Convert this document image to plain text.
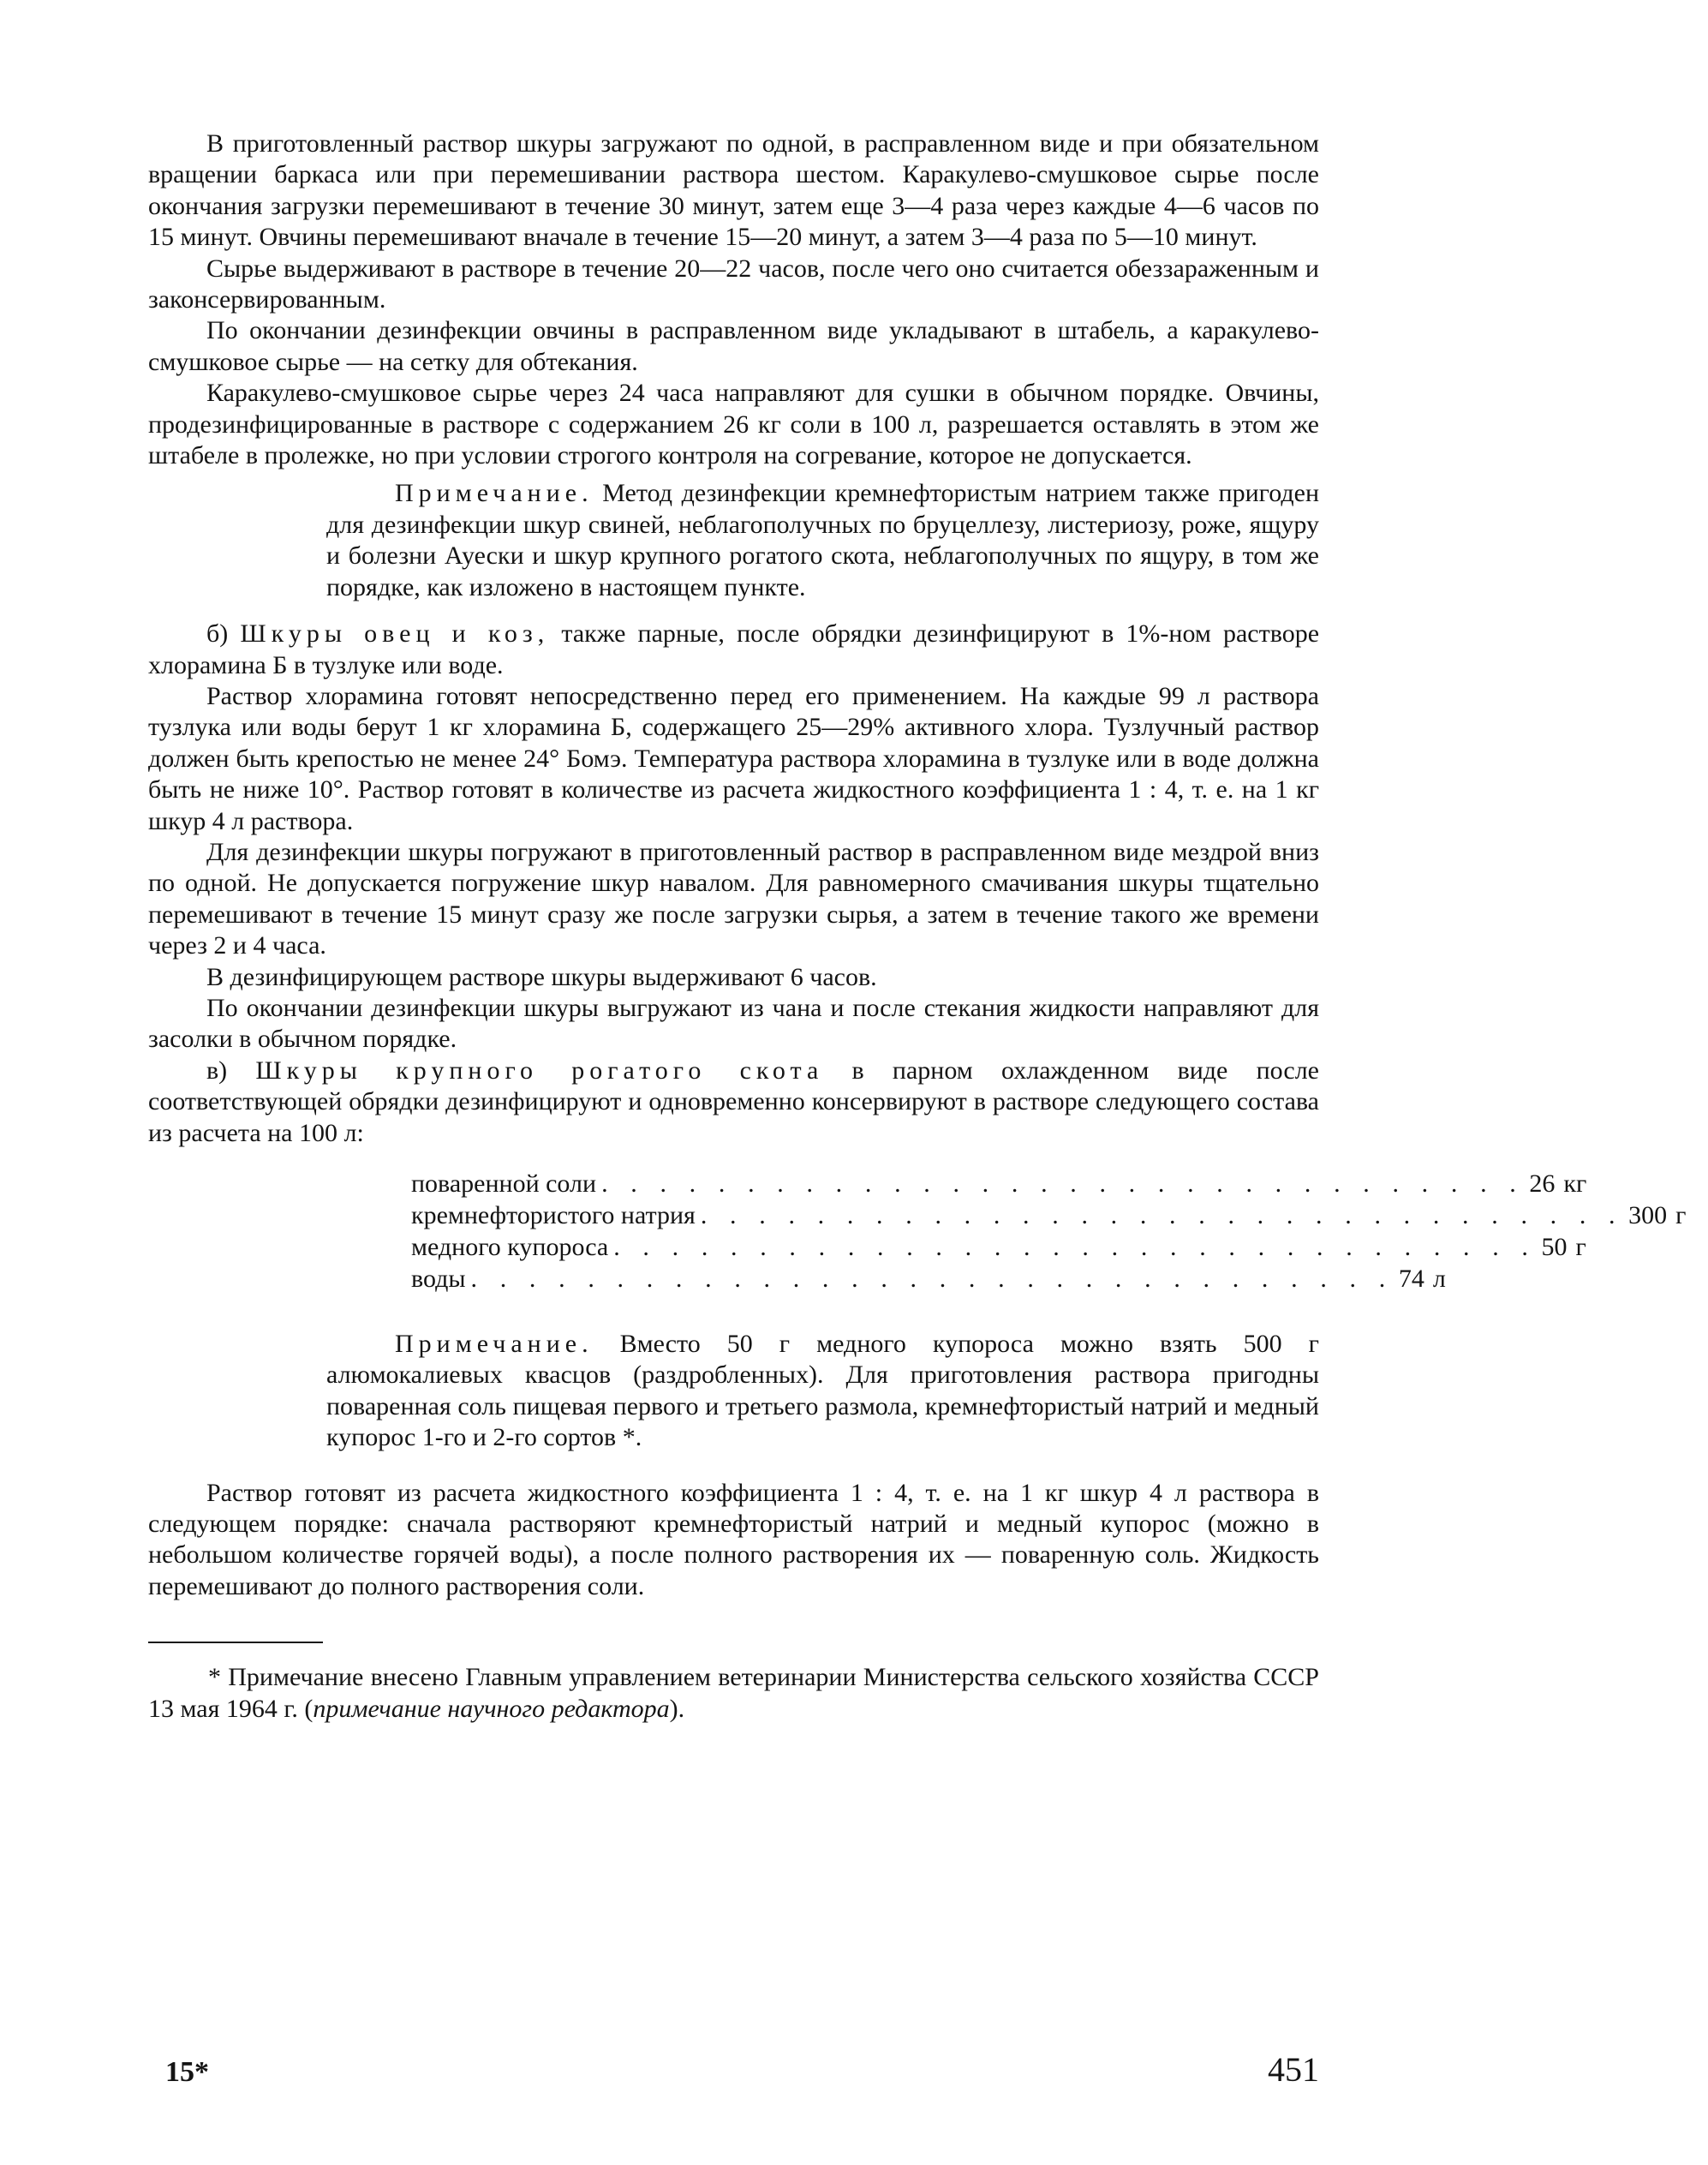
В приготовленный раствор шкуры загружают по одной, в расправленном виде и при обязательном вращении баркаса или при перемешивании раствора шестом. Каракулево-смушковое сырье после окончания загрузки перемешивают в течение 30 минут, затем еще 3—4 раза через каждые 4—6 часов по 15 минут. Овчины перемешивают вначале в течение 15—20 минут, а затем 3—4 раза по 5—10 минут.

Сырье выдерживают в растворе в течение 20—22 часов, после чего оно считается обеззараженным и законсервированным.

По окончании дезинфекции овчины в расправленном виде укладывают в штабель, а каракулево-смушковое сырье — на сетку для обтекания.

Каракулево-смушковое сырье через 24 часа направляют для сушки в обычном порядке. Овчины, продезинфицированные в растворе с содержанием 26 кг соли в 100 л, разрешается оставлять в этом же штабеле в пролежке, но при условии строгого контроля на согревание, которое не допускается.

Примечание. Метод дезинфекции кремнефтористым натрием также пригоден для дезинфекции шкур свиней, неблагополучных по бруцеллезу, листериозу, роже, ящуру и болезни Ауески и шкур крупного рогатого скота, неблагополучных по ящуру, в том же порядке, как изложено в настоящем пункте.

б) Шкуры овец и коз, также парные, после обрядки дезинфицируют в 1%-ном растворе хлорамина Б в тузлуке или воде.

Раствор хлорамина готовят непосредственно перед его применением. На каждые 99 л раствора тузлука или воды берут 1 кг хлорамина Б, содержащего 25—29% активного хлора. Тузлучный раствор должен быть крепостью не менее 24° Бомэ. Температура раствора хлорамина в тузлуке или в воде должна быть не ниже 10°. Раствор готовят в количестве из расчета жидкостного коэффициента 1 : 4, т. е. на 1 кг шкур 4 л раствора.

Для дезинфекции шкуры погружают в приготовленный раствор в расправленном виде мездрой вниз по одной. Не допускается погружение шкур навалом. Для равномерного смачивания шкуры тщательно перемешивают в течение 15 минут сразу же после загрузки сырья, а затем в течение такого же времени через 2 и 4 часа.

В дезинфицирующем растворе шкуры выдерживают 6 часов.

По окончании дезинфекции шкуры выгружают из чана и после стекания жидкости направляют для засолки в обычном порядке.

в) Шкуры крупного рогатого скота в парном охлажденном виде после соответствующей обрядки дезинфицируют и одновременно консервируют в растворе следующего состава из расчета на 100 л:

поваренной соли . . . . . . . . . . . . . . . . . . . . . . . . . . . . . . . . 26 кг
кремнефтористого натрия . . . . . . . . . . . . . . . . . . . . . . . . . . . . . . . . 300 г
медного купороса . . . . . . . . . . . . . . . . . . . . . . . . . . . . . . . . 50 г
воды . . . . . . . . . . . . . . . . . . . . . . . . . . . . . . . . 74 л

Примечание. Вместо 50 г медного купороса можно взять 500 г алюмокалиевых квасцов (раздробленных). Для приготовления раствора пригодны поваренная соль пищевая первого и третьего размола, кремнефтористый натрий и медный купорос 1-го и 2-го сортов *.

Раствор готовят из расчета жидкостного коэффициента 1 : 4, т. е. на 1 кг шкур 4 л раствора в следующем порядке: сначала растворяют кремнефтористый натрий и медный купорос (можно в небольшом количестве горячей воды), а после полного растворения их — поваренную соль. Жидкость перемешивают до полного растворения соли.

* Примечание внесено Главным управлением ветеринарии Министерства сельского хозяйства СССР 13 мая 1964 г. (примечание научного редактора).

15*	451
